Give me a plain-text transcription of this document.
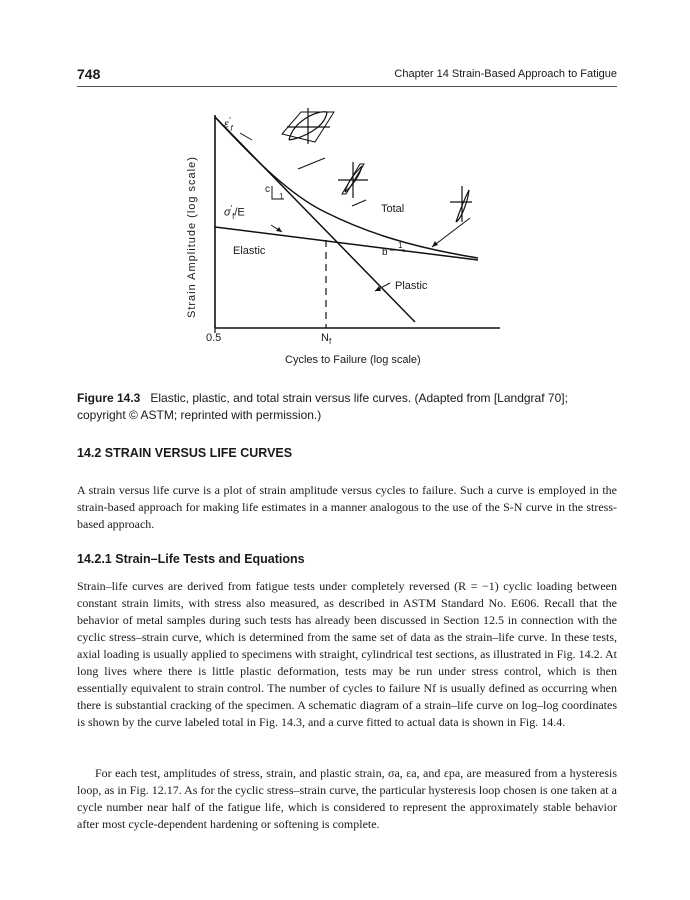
748	Chapter 14 Strain-Based Approach to Fatigue
Strain Amplitude (log scale)
$\varepsilon'_f$
$\sigma'_f/E$
c
1
Total
Elastic	b
1
Plastic
0.5	$N_f$
Cycles to Failure (log scale)
Figure 14.3 Elastic, plastic, and total strain versus life curves. (Adapted from [Landgraf 70]; copyright © ASTM; reprinted with permission.)
14.2 STRAIN VERSUS LIFE CURVES

A strain versus life curve is a plot of strain amplitude versus cycles to failure. Such a curve is employed in the strain-based approach for making life estimates in a manner analogous to the use of the S-N curve in the stress-based approach.

14.2.1 Strain–Life Tests and Equations

Strain–life curves are derived from fatigue tests under completely reversed (R = −1) cyclic loading between constant strain limits, with stress also measured, as described in ASTM Standard No. E606. Recall that the behavior of metal samples during such tests has already been discussed in Section 12.5 in connection with the cyclic stress–strain curve, which is determined from the same set of data as the strain–life curve. In these tests, axial loading is usually applied to specimens with straight, cylindrical test sections, as illustrated in Fig. 14.2. At long lives where there is little plastic deformation, tests may be run under stress control, which is then essentially equivalent to strain control. The number of cycles to failure Nf is usually defined as occurring when there is substantial cracking of the specimen. A schematic diagram of a strain–life curve on log–log coordinates is shown by the curve labeled total in Fig. 14.3, and a curve fitted to actual data is shown in Fig. 14.4.

For each test, amplitudes of stress, strain, and plastic strain, σa, εa, and εpa, are measured from a hysteresis loop, as in Fig. 12.17. As for the cyclic stress–strain curve, the particular hysteresis loop chosen is one taken at a cycle number near half of the fatigue life, which is considered to represent the approximately stable behavior after most cycle-dependent hardening or softening is complete.
